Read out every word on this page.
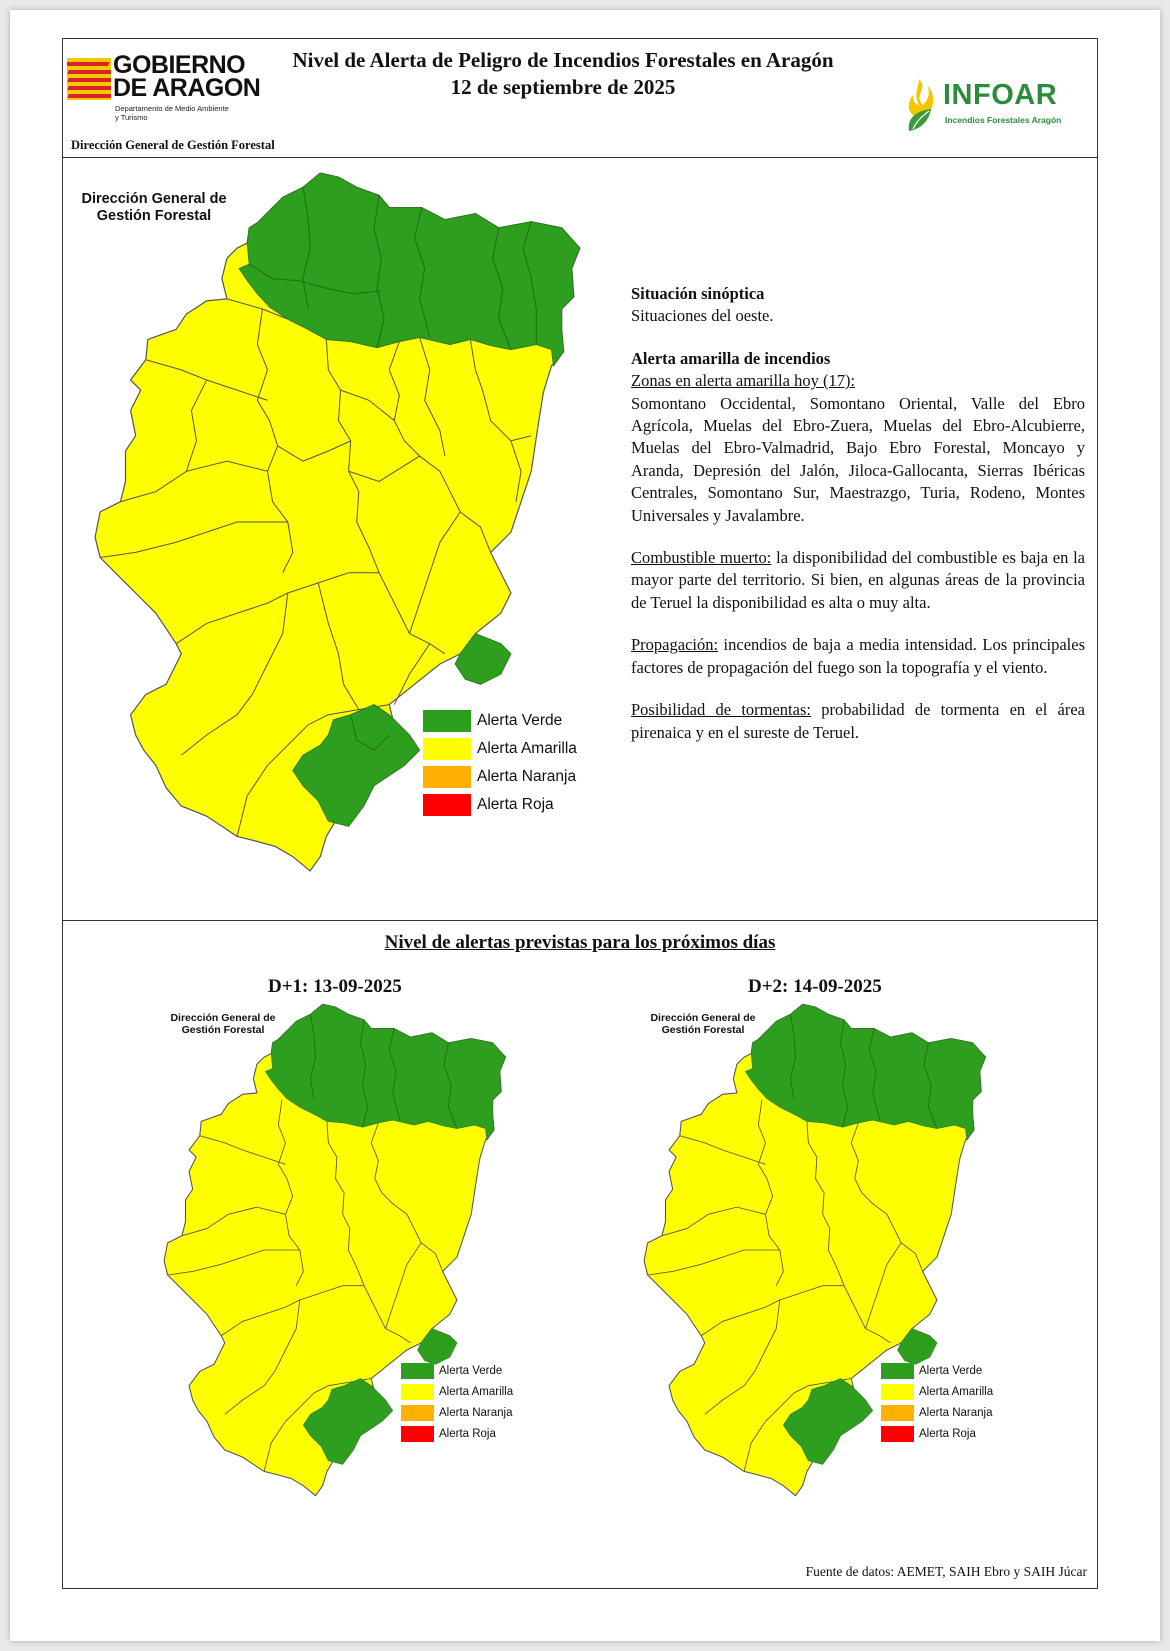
GOBIERNO
DE ARAGON
Departamento de Medio Ambiente
y Turismo
Dirección General de Gestión Forestal
Nivel de Alerta de Peligro de Incendios Forestales en Aragón
12 de septiembre de 2025	INFOAR
Incendios Forestales Aragón
Dirección General de
Gestión Forestal
Alerta Verde
Alerta Amarilla
Alerta Naranja
Alerta Roja

Situación sinóptica
Situaciones del oeste.

Alerta amarilla de incendios
Zonas en alerta amarilla hoy (17):
Somontano Occidental, Somontano Oriental, Valle del Ebro Agrícola, Muelas del Ebro-Zuera, Muelas del Ebro-Alcubierre, Muelas del Ebro-Valmadrid, Bajo Ebro Forestal, Moncayo y Aranda, Depresión del Jalón, Jiloca-Gallocanta, Sierras Ibéricas Centrales, Somontano Sur, Maestrazgo, Turia, Rodeno, Montes Universales y Javalambre.

Combustible muerto: la disponibilidad del combustible es baja en la mayor parte del territorio. Si bien, en algunas áreas de la provincia de Teruel la disponibilidad es alta o muy alta.

Propagación: incendios de baja a media intensidad. Los principales factores de propagación del fuego son la topografía y el viento.

Posibilidad de tormentas: probabilidad de tormenta en el área pirenaica y en el sureste de Teruel.

Nivel de alertas previstas para los próximos días
D+1: 13-09-2025	D+2: 14-09-2025
Dirección General de
Gestión Forestal
Dirección General de
Gestión Forestal
Alerta Verde
Alerta Amarilla
Alerta Naranja
Alerta Roja
Alerta Verde
Alerta Amarilla
Alerta Naranja
Alerta Roja
Fuente de datos: AEMET, SAIH Ebro y SAIH Júcar
